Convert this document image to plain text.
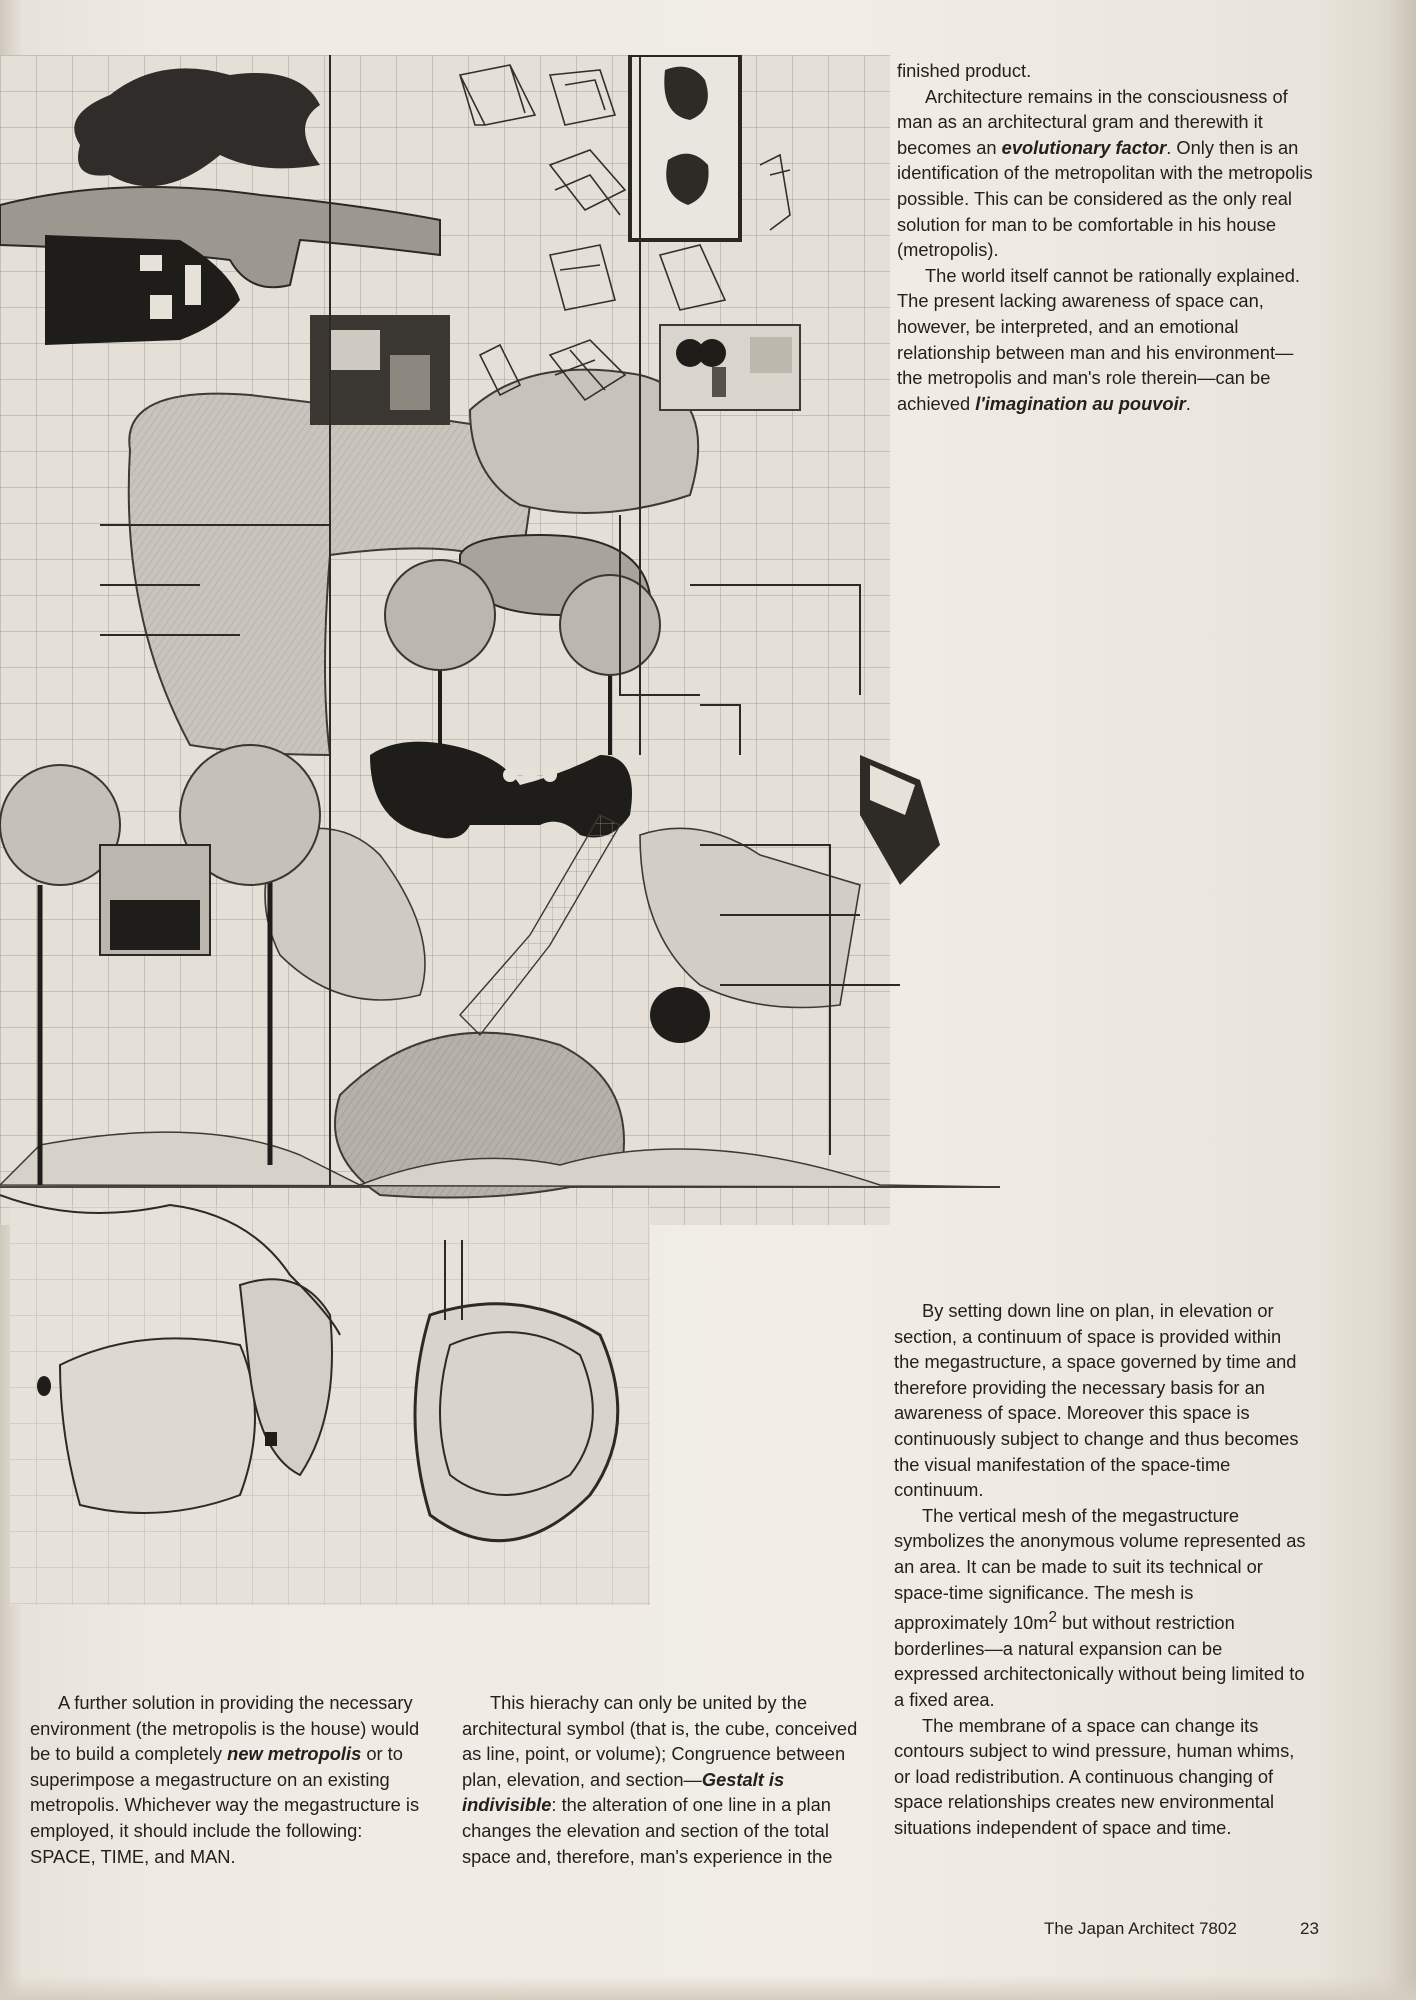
finished product.

Architecture remains in the consciousness of man as an architectural gram and therewith it becomes an evolutionary factor. Only then is an identification of the metropolitan with the metropolis possible. This can be considered as the only real solution for man to be comfortable in his house (metropolis).

The world itself cannot be rationally explained. The present lacking awareness of space can, however, be interpreted, and an emotional relationship between man and his environment—the metropolis and man's role therein—can be achieved l'imagination au pouvoir.

By setting down line on plan, in elevation or section, a continuum of space is provided within the megastructure, a space governed by time and therefore providing the necessary basis for an awareness of space. Moreover this space is continuously subject to change and thus becomes the visual manifestation of the space-time continuum.

The vertical mesh of the megastructure symbolizes the anonymous volume represented as an area. It can be made to suit its technical or space-time significance. The mesh is approximately $10m^2$ but without restriction borderlines—a natural expansion can be expressed architectonically without being limited to a fixed area.

The membrane of a space can change its contours subject to wind pressure, human whims, or load redistribution. A continuous changing of space relationships creates new environmental situations independent of space and time.

A further solution in providing the necessary environment (the metropolis is the house) would be to build a completely new metropolis or to superimpose a megastructure on an existing metropolis. Whichever way the megastructure is employed, it should include the following: SPACE, TIME, and MAN.

This hierachy can only be united by the architectural symbol (that is, the cube, conceived as line, point, or volume); Congruence between plan, elevation, and section—Gestalt is indivisible: the alteration of one line in a plan changes the elevation and section of the total space and, therefore, man's experience in the

The Japan Architect 7802	23
